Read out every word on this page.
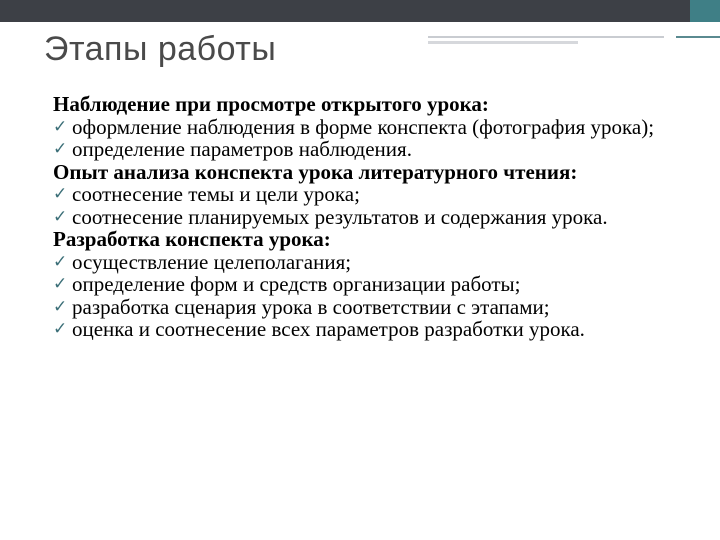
Этапы работы

Наблюдение при просмотре открытого урока:

✓ оформление наблюдения в форме конспекта (фотография урока);

✓ определение параметров наблюдения.

Опыт анализа конспекта урока литературного чтения:

✓ соотнесение темы и цели урока;

✓ соотнесение планируемых результатов и содержания урока.

Разработка конспекта урока:

✓ осуществление целеполагания;

✓ определение форм и средств организации работы;

✓ разработка сценария урока в соответствии с этапами;

✓ оценка и соотнесение всех параметров разработки урока.
